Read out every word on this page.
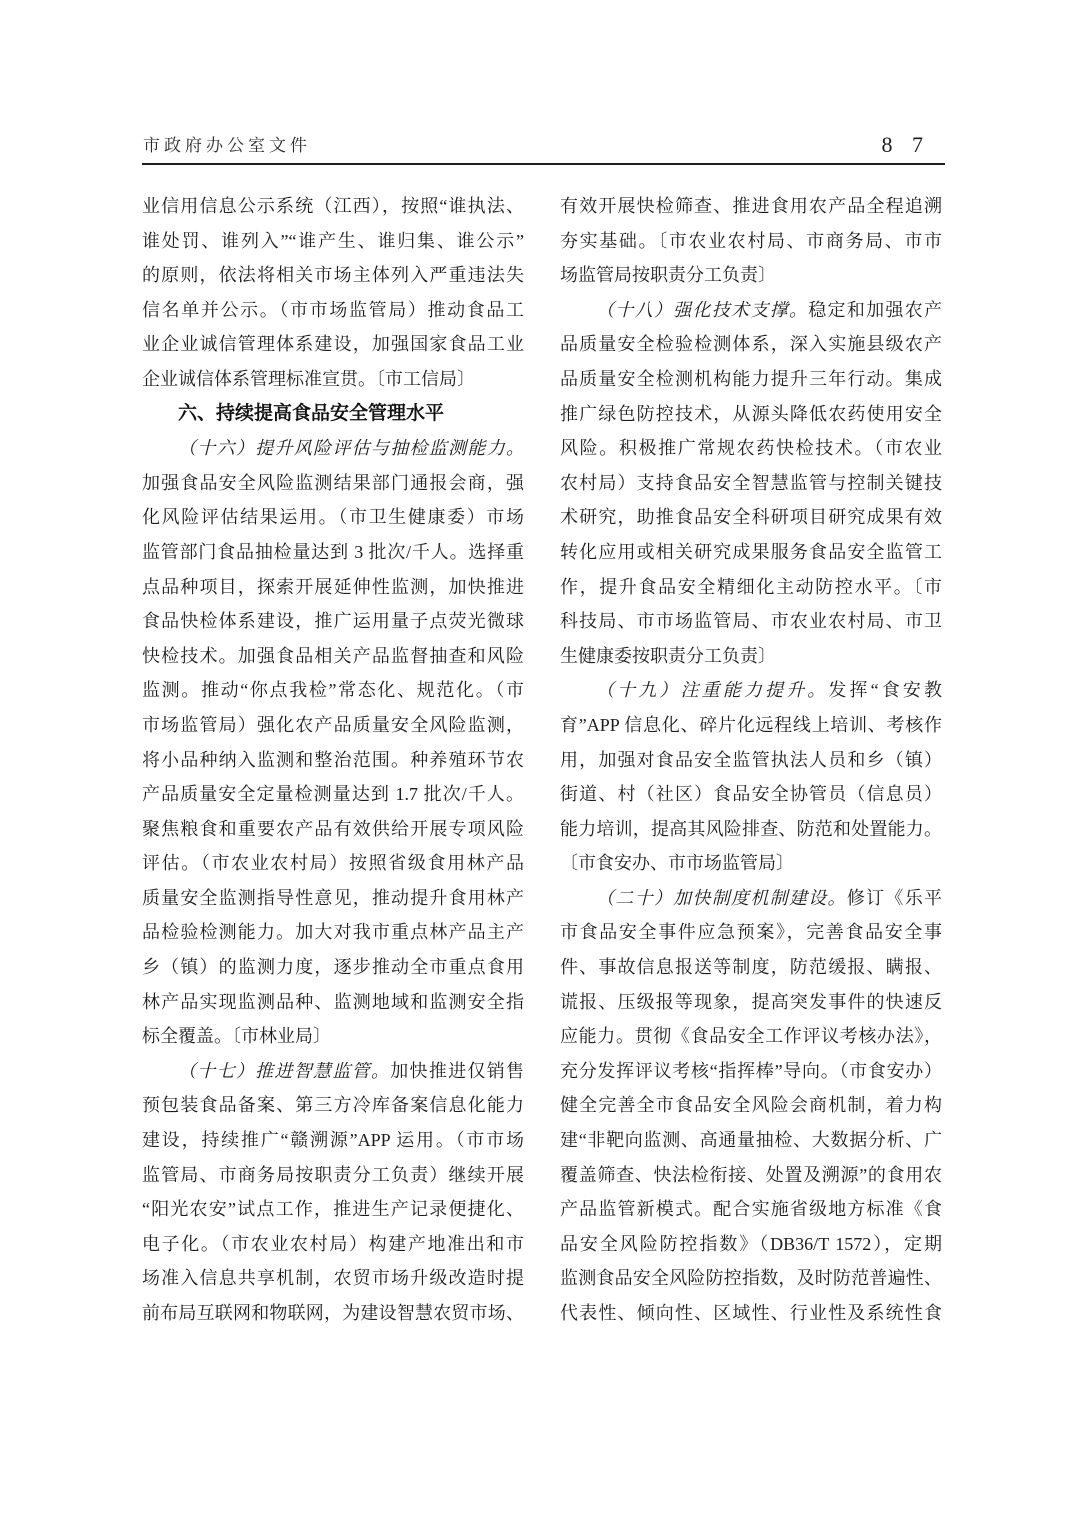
市政府办公室文件	8 7
业信用信息公示系统（江西），按照“谁执法、
谁处罚、谁列入”“谁产生、谁归集、谁公示”
的原则，依法将相关市场主体列入严重违法失
信名单并公示。（市市场监管局）推动食品工
业企业诚信管理体系建设，加强国家食品工业
企业诚信体系管理标准宣贯。〔市工信局〕
六、持续提高食品安全管理水平
（十六）提升风险评估与抽检监测能力。
加强食品安全风险监测结果部门通报会商，强
化风险评估结果运用。（市卫生健康委）市场
监管部门食品抽检量达到 3 批次/千人。选择重
点品种项目，探索开展延伸性监测，加快推进
食品快检体系建设，推广运用量子点荧光微球
快检技术。加强食品相关产品监督抽查和风险
监测。推动“你点我检”常态化、规范化。（市
市场监管局）强化农产品质量安全风险监测，
将小品种纳入监测和整治范围。种养殖环节农
产品质量安全定量检测量达到 1.7 批次/千人。
聚焦粮食和重要农产品有效供给开展专项风险
评估。（市农业农村局）按照省级食用林产品
质量安全监测指导性意见，推动提升食用林产
品检验检测能力。加大对我市重点林产品主产
乡（镇）的监测力度，逐步推动全市重点食用
林产品实现监测品种、监测地域和监测安全指
标全覆盖。〔市林业局〕
（十七）推进智慧监管。加快推进仅销售
预包装食品备案、第三方冷库备案信息化能力
建设，持续推广“赣溯源”APP 运用。（市市场
监管局、市商务局按职责分工负责）继续开展
“阳光农安”试点工作，推进生产记录便捷化、
电子化。（市农业农村局）构建产地准出和市
场准入信息共享机制，农贸市场升级改造时提
前布局互联网和物联网，为建设智慧农贸市场、
有效开展快检筛查、推进食用农产品全程追溯
夯实基础。〔市农业农村局、市商务局、市市
场监管局按职责分工负责〕
（十八）强化技术支撑。稳定和加强农产
品质量安全检验检测体系，深入实施县级农产
品质量安全检测机构能力提升三年行动。集成
推广绿色防控技术，从源头降低农药使用安全
风险。积极推广常规农药快检技术。（市农业
农村局）支持食品安全智慧监管与控制关键技
术研究，助推食品安全科研项目研究成果有效
转化应用或相关研究成果服务食品安全监管工
作，提升食品安全精细化主动防控水平。〔市
科技局、市市场监管局、市农业农村局、市卫
生健康委按职责分工负责〕
（十九）注重能力提升。发挥“食安教
育”APP 信息化、碎片化远程线上培训、考核作
用，加强对食品安全监管执法人员和乡（镇）
街道、村（社区）食品安全协管员（信息员）
能力培训，提高其风险排查、防范和处置能力。
〔市食安办、市市场监管局〕
（二十）加快制度机制建设。修订《乐平
市食品安全事件应急预案》，完善食品安全事
件、事故信息报送等制度，防范缓报、瞒报、
谎报、压级报等现象，提高突发事件的快速反
应能力。贯彻《食品安全工作评议考核办法》，
充分发挥评议考核“指挥棒”导向。（市食安办）
健全完善全市食品安全风险会商机制，着力构
建“非靶向监测、高通量抽检、大数据分析、广
覆盖筛查、快法检衔接、处置及溯源”的食用农
产品监管新模式。配合实施省级地方标准《食
品安全风险防控指数》（DB36/T 1572），定期
监测食品安全风险防控指数，及时防范普遍性、
代表性、倾向性、区域性、行业性及系统性食
